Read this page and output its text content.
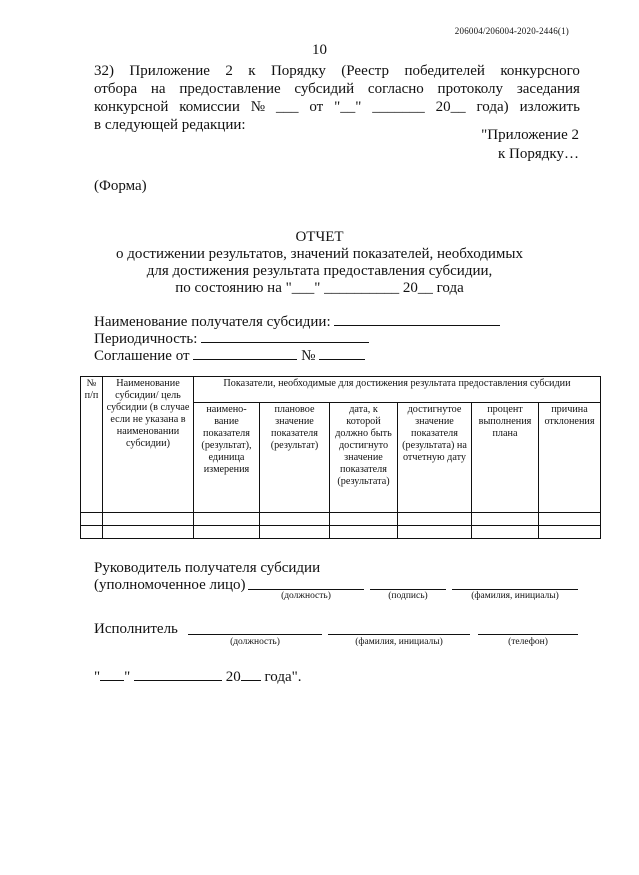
206004/206004-2020-2446(1)
10
32) Приложение 2 к Порядку (Реестр победителей конкурсного
отбора на предоставление субсидий согласно протоколу заседания
конкурсной комиссии № ___ от "__" _______ 20__ года) изложить
в следующей редакции:
"Приложение 2
к Порядку…
(Форма)
ОТЧЕТ
о достижении результатов, значений показателей, необходимых
для достижения результата предоставления субсидии,
по состоянию на "___" __________ 20__ года
Наименование получателя субсидии:
Периодичность:
Соглашение от	№
№ п/п	Наименование субсидии/ цель субсидии (в случае если не указана в наименовании субсидии)	Показатели, необходимые для достижения результата предоставления субсидии					
		наимено- вание показателя (результат), единица измерения	плановое значение показателя (результат)	дата, к которой должно быть достигнуто значение показателя (результата)	достигнутое значение показателя (результата) на отчетную дату	процент выполнения плана	причина отклонения

Руководитель получателя субсидии
(уполномоченное лицо)
(должность)	(подпись)	(фамилия, инициалы)
Исполнитель
(должность)	(фамилия, инициалы)	(телефон)
" "	20 года".
